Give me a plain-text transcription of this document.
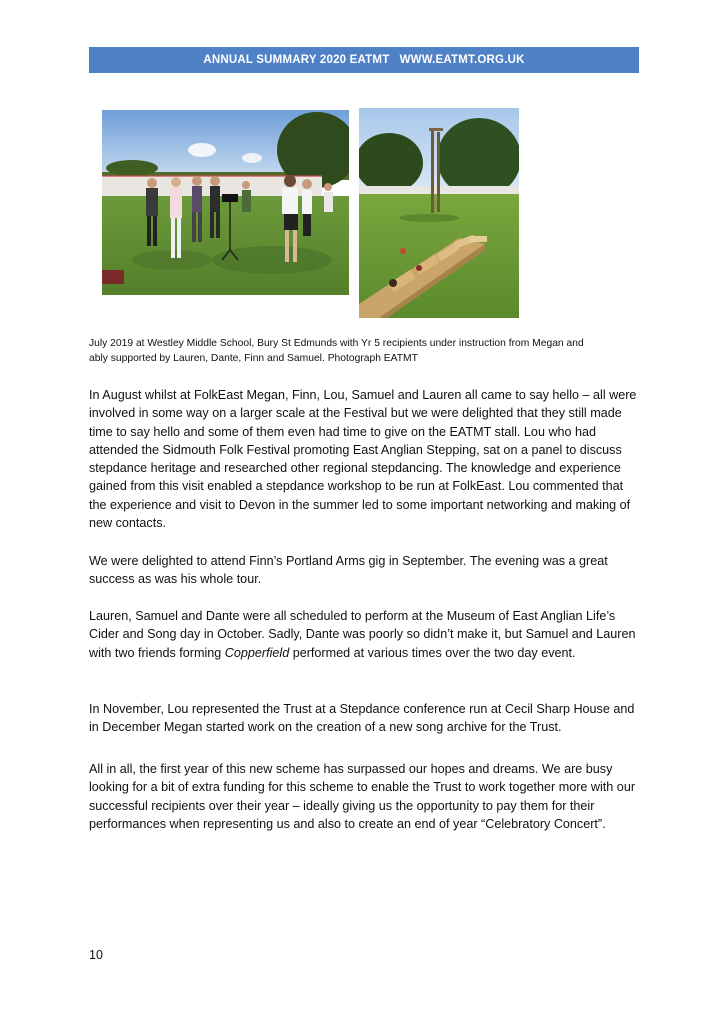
ANNUAL SUMMARY 2020 EATMT   WWW.EATMT.ORG.UK
July 2019 at Westley Middle School, Bury St Edmunds with Yr 5 recipients under instruction from Megan and
ably supported by Lauren, Dante, Finn and Samuel. Photograph EATMT

In August whilst at FolkEast Megan, Finn, Lou, Samuel and Lauren all came to say hello – all were involved in some way on a larger scale at the Festival but we were delighted that they still made time to say hello and some of them even had time to give on the EATMT stall. Lou who had attended the Sidmouth Folk Festival promoting East Anglian Stepping, sat on a panel to discuss stepdance heritage and researched other regional stepdancing. The knowledge and experience gained from this visit enabled a stepdance workshop to be run at FolkEast. Lou commented that the experience and visit to Devon in the summer led to some important networking and making of new contacts.

We were delighted to attend Finn’s Portland Arms gig in September. The evening was a great success as was his whole tour.

Lauren, Samuel and Dante were all scheduled to perform at the Museum of East Anglian Life’s Cider and Song day in October. Sadly, Dante was poorly so didn’t make it, but Samuel and Lauren with two friends forming Copperfield performed at various times over the two day event.

In November, Lou represented the Trust at a Stepdance conference run at Cecil Sharp House and in December Megan started work on the creation of a new song archive for the Trust.

All in all, the first year of this new scheme has surpassed our hopes and dreams. We are busy looking for a bit of extra funding for this scheme to enable the Trust to work together more with our successful recipients over their year – ideally giving us the opportunity to pay them for their performances when representing us and also to create an end of year “Celebratory Concert”.

10
